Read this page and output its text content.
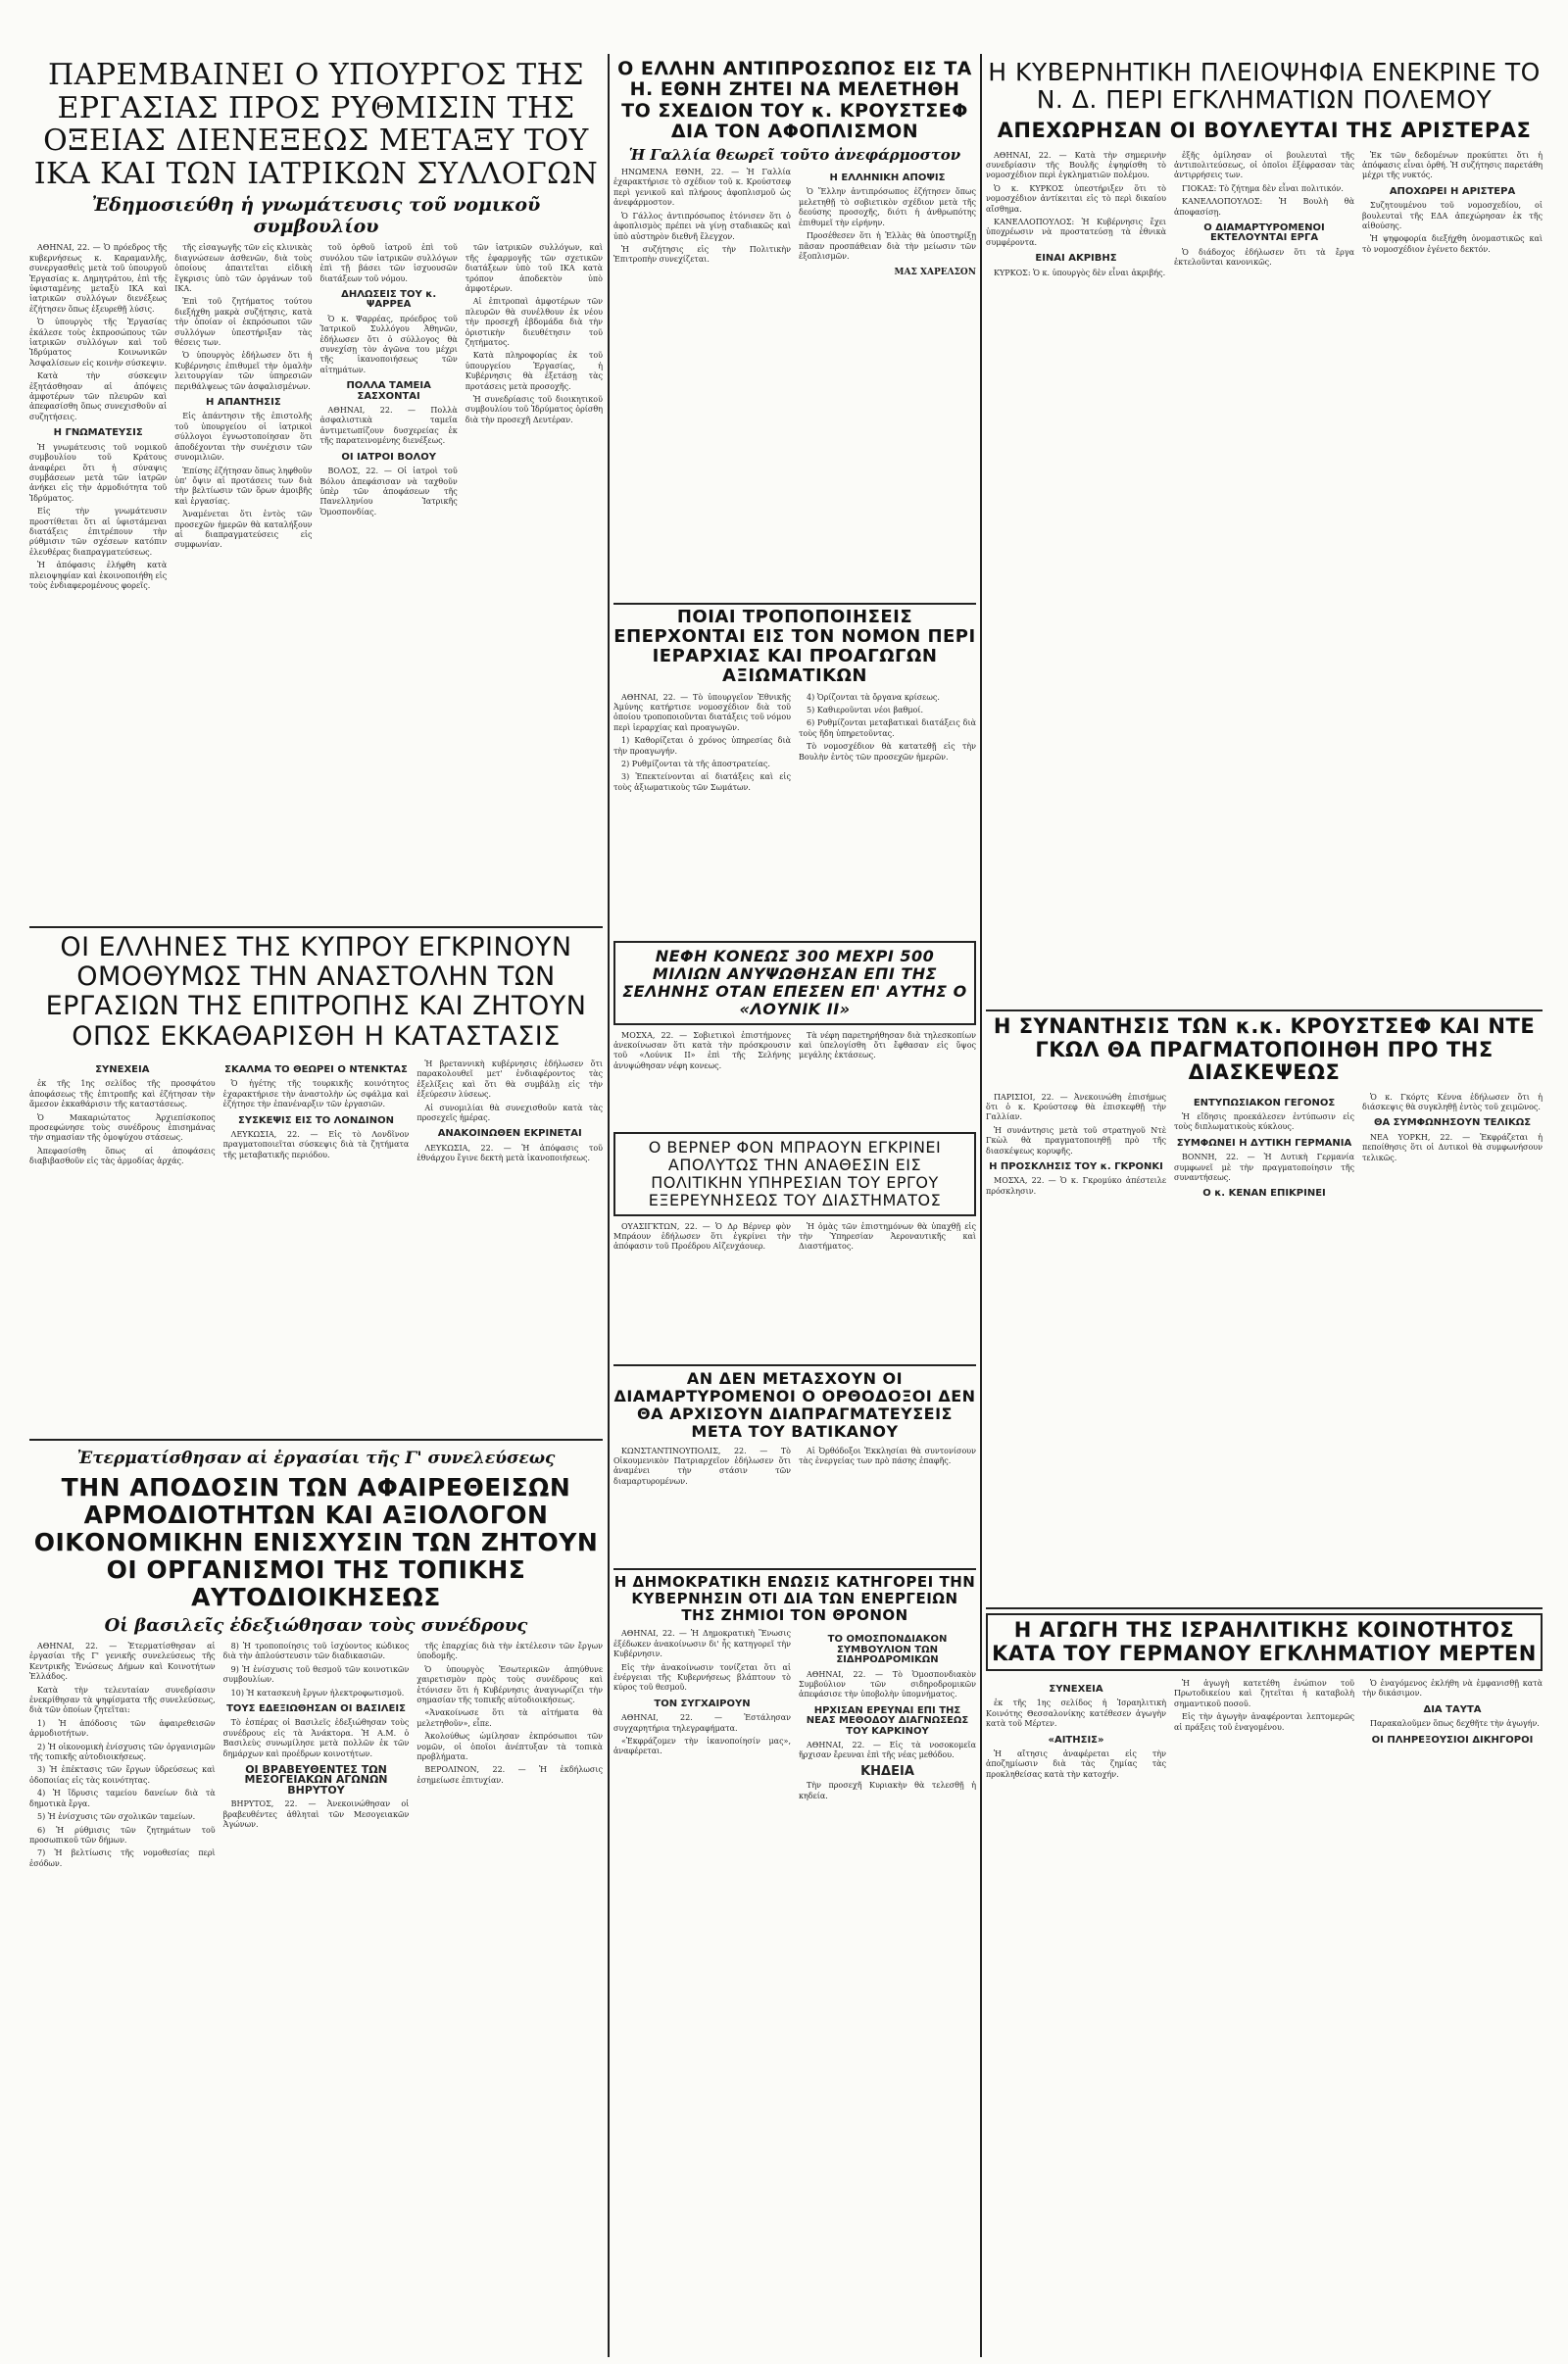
ΠΑΡΕΜΒΑΙΝΕΙ Ο ΥΠΟΥΡΓΟΣ ΤΗΣ ΕΡΓΑΣΙΑΣ ΠΡΟΣ ΡΥΘΜΙΣΙΝ ΤΗΣ ΟΞΕΙΑΣ ΔΙΕΝΕΞΕΩΣ ΜΕΤΑΞΥ ΤΟΥ ΙΚΑ ΚΑΙ ΤΩΝ ΙΑΤΡΙΚΩΝ ΣΥΛΛΟΓΩΝ
Ἐδημοσιεύθη ἡ γνωμάτευσις τοῦ νομικοῦ συμβουλίου

ΑΘΗΝΑΙ, 22. — Ὁ πρόεδρος τῆς κυβερνήσεως κ. Καραμανλῆς, συνεργασθεὶς μετὰ τοῦ ὑπουργοῦ Ἐργασίας κ. Δημητράτου, ἐπὶ τῆς ὑφισταμένης μεταξὺ ΙΚΑ καὶ ἰατρικῶν συλλόγων διενέξεως ἐζήτησεν ὅπως ἐξευρεθῇ λύσις.

Ὁ ὑπουργὸς τῆς Ἐργασίας ἐκάλεσε τοὺς ἐκπροσώπους τῶν ἰατρικῶν συλλόγων καὶ τοῦ Ἱδρύματος Κοινωνικῶν Ἀσφαλίσεων εἰς κοινὴν σύσκεψιν.

Κατὰ τὴν σύσκεψιν ἐξητάσθησαν αἱ ἀπόψεις ἀμφοτέρων τῶν πλευρῶν καὶ ἀπεφασίσθη ὅπως συνεχισθοῦν αἱ συζητήσεις.

Η ΓΝΩΜΑΤΕΥΣΙΣ

Ἡ γνωμάτευσις τοῦ νομικοῦ συμβουλίου τοῦ Κράτους ἀναφέρει ὅτι ἡ σύναψις συμβάσεων μετὰ τῶν ἰατρῶν ἀνήκει εἰς τὴν ἁρμοδιότητα τοῦ Ἱδρύματος.

Εἰς τὴν γνωμάτευσιν προστίθεται ὅτι αἱ ὑφιστάμεναι διατάξεις ἐπιτρέπουν τὴν ρύθμισιν τῶν σχέσεων κατόπιν ἐλευθέρας διαπραγματεύσεως.

Ἡ ἀπόφασις ἐλήφθη κατὰ πλειοψηφίαν καὶ ἐκοινοποιήθη εἰς τοὺς ἐνδιαφερομένους φορεῖς.

τῆς εἰσαγωγῆς τῶν εἰς κλινικὰς διαγνώσεων ἀσθενῶν, διὰ τοὺς ὁποίους ἀπαιτεῖται εἰδικὴ ἔγκρισις ὑπὸ τῶν ὀργάνων τοῦ ΙΚΑ.

Ἐπὶ τοῦ ζητήματος τούτου διεξήχθη μακρὰ συζήτησις, κατὰ τὴν ὁποίαν οἱ ἐκπρόσωποι τῶν συλλόγων ὑπεστήριξαν τὰς θέσεις των.

Ὁ ὑπουργὸς ἐδήλωσεν ὅτι ἡ Κυβέρνησις ἐπιθυμεῖ τὴν ὁμαλὴν λειτουργίαν τῶν ὑπηρεσιῶν περιθάλψεως τῶν ἀσφαλισμένων.

Η ΑΠΑΝΤΗΣΙΣ

Εἰς ἀπάντησιν τῆς ἐπιστολῆς τοῦ ὑπουργείου οἱ ἰατρικοὶ σύλλογοι ἐγνωστοποίησαν ὅτι ἀποδέχονται τὴν συνέχισιν τῶν συνομιλιῶν.

Ἐπίσης ἐζήτησαν ὅπως ληφθοῦν ὑπ' ὄψιν αἱ προτάσεις των διὰ τὴν βελτίωσιν τῶν ὅρων ἀμοιβῆς καὶ ἐργασίας.

Ἀναμένεται ὅτι ἐντὸς τῶν προσεχῶν ἡμερῶν θὰ καταλήξουν αἱ διαπραγματεύσεις εἰς συμφωνίαν.

τοῦ ὀρθοῦ ἰατροῦ ἐπὶ τοῦ συνόλου τῶν ἰατρικῶν συλλόγων ἐπὶ τῇ βάσει τῶν ἰσχυουσῶν διατάξεων τοῦ νόμου.

ΔΗΛΩΣΕΙΣ ΤΟΥ κ. ΨΑΡΡΕΑ

Ὁ κ. Ψαρρέας, πρόεδρος τοῦ Ἰατρικοῦ Συλλόγου Ἀθηνῶν, ἐδήλωσεν ὅτι ὁ σύλλογος θὰ συνεχίσῃ τὸν ἀγῶνα του μέχρι τῆς ἱκανοποιήσεως τῶν αἰτημάτων.

ΠΟΛΛΑ ΤΑΜΕΙΑ ΣΑΣΧΟΝΤΑΙ

ΑΘΗΝΑΙ, 22. — Πολλὰ ἀσφαλιστικὰ ταμεῖα ἀντιμετωπίζουν δυσχερείας ἐκ τῆς παρατεινομένης διενέξεως.

ΟΙ ΙΑΤΡΟΙ ΒΟΛΟΥ

ΒΟΛΟΣ, 22. — Οἱ ἰατροὶ τοῦ Βόλου ἀπεφάσισαν νὰ ταχθοῦν ὑπὲρ τῶν ἀποφάσεων τῆς Πανελληνίου Ἰατρικῆς Ὁμοσπονδίας.

τῶν ἰατρικῶν συλλόγων, καὶ τῆς ἐφαρμογῆς τῶν σχετικῶν διατάξεων ὑπὸ τοῦ ΙΚΑ κατὰ τρόπον ἀποδεκτὸν ὑπὸ ἀμφοτέρων.

Αἱ ἐπιτροπαὶ ἀμφοτέρων τῶν πλευρῶν θὰ συνέλθουν ἐκ νέου τὴν προσεχῆ ἑβδομάδα διὰ τὴν ὁριστικὴν διευθέτησιν τοῦ ζητήματος.

Κατὰ πληροφορίας ἐκ τοῦ ὑπουργείου Ἐργασίας, ἡ Κυβέρνησις θὰ ἐξετάσῃ τὰς προτάσεις μετὰ προσοχῆς.

Ἡ συνεδρίασις τοῦ διοικητικοῦ συμβουλίου τοῦ Ἱδρύματος ὁρίσθη διὰ τὴν προσεχῆ Δευτέραν.

ΟΙ ΕΛΛΗΝΕΣ ΤΗΣ ΚΥΠΡΟΥ ΕΓΚΡΙΝΟΥΝ ΟΜΟΘΥΜΩΣ ΤΗΝ ΑΝΑΣΤΟΛΗΝ ΤΩΝ ΕΡΓΑΣΙΩΝ ΤΗΣ ΕΠΙΤΡΟΠΗΣ ΚΑΙ ΖΗΤΟΥΝ ΟΠΩΣ ΕΚΚΑΘΑΡΙΣΘΗ Η ΚΑΤΑΣΤΑΣΙΣ
ΣΥΝΕΧΕΙΑ

ἐκ τῆς 1ης σελίδος τῆς προσφάτου ἀποφάσεως τῆς ἐπιτροπῆς καὶ ἐζήτησαν τὴν ἄμεσον ἐκκαθάρισιν τῆς καταστάσεως.

Ὁ Μακαριώτατος Ἀρχιεπίσκοπος προσεφώνησε τοὺς συνέδρους ἐπισημάνας τὴν σημασίαν τῆς ὁμοψύχου στάσεως.

Ἀπεφασίσθη ὅπως αἱ ἀποφάσεις διαβιβασθοῦν εἰς τὰς ἁρμοδίας ἀρχάς.

ΣΚΑΛΜΑ ΤΟ ΘΕΩΡΕΙ Ο ΝΤΕΝΚΤΑΣ

Ὁ ἡγέτης τῆς τουρκικῆς κοινότητος ἐχαρακτήρισε τὴν ἀναστολὴν ὡς σφάλμα καὶ ἐζήτησε τὴν ἐπανέναρξιν τῶν ἐργασιῶν.

ΣΥΣΚΕΨΙΣ ΕΙΣ ΤΟ ΛΟΝΔΙΝΟΝ

ΛΕΥΚΩΣΙΑ, 22. — Εἰς τὸ Λονδῖνον πραγματοποιεῖται σύσκεψις διὰ τὰ ζητήματα τῆς μεταβατικῆς περιόδου.

Ἡ βρεταννικὴ κυβέρνησις ἐδήλωσεν ὅτι παρακολουθεῖ μετ' ἐνδιαφέροντος τὰς ἐξελίξεις καὶ ὅτι θὰ συμβάλῃ εἰς τὴν ἐξεύρεσιν λύσεως.

Αἱ συνομιλίαι θὰ συνεχισθοῦν κατὰ τὰς προσεχεῖς ἡμέρας.

ΑΝΑΚΟΙΝΩΘΕΝ ΕΚΡΙΝΕΤΑΙ

ΛΕΥΚΩΣΙΑ, 22. — Ἡ ἀπόφασις τοῦ ἐθνάρχου ἔγινε δεκτὴ μετὰ ἱκανοποιήσεως.

Ἐτερματίσθησαν αἱ ἐργασίαι τῆς Γ' συνελεύσεως
ΤΗΝ ΑΠΟΔΟΣΙΝ ΤΩΝ ΑΦΑΙΡΕΘΕΙΣΩΝ ΑΡΜΟΔΙΟΤΗΤΩΝ ΚΑΙ ΑΞΙΟΛΟΓΟΝ ΟΙΚΟΝΟΜΙΚΗΝ ΕΝΙΣΧΥΣΙΝ ΤΩΝ ΖΗΤΟΥΝ ΟΙ ΟΡΓΑΝΙΣΜΟΙ ΤΗΣ ΤΟΠΙΚΗΣ ΑΥΤΟΔΙΟΙΚΗΣΕΩΣ
Οἱ βασιλεῖς ἐδεξιώθησαν τοὺς συνέδρους

ΑΘΗΝΑΙ, 22. — Ἐτερματίσθησαν αἱ ἐργασίαι τῆς Γ' γενικῆς συνελεύσεως τῆς Κεντρικῆς Ἑνώσεως Δήμων καὶ Κοινοτήτων Ἑλλάδος.

Κατὰ τὴν τελευταίαν συνεδρίασιν ἐνεκρίθησαν τὰ ψηφίσματα τῆς συνελεύσεως, διὰ τῶν ὁποίων ζητεῖται:

1) Ἡ ἀπόδοσις τῶν ἀφαιρεθεισῶν ἁρμοδιοτήτων.

2) Ἡ οἰκονομικὴ ἐνίσχυσις τῶν ὀργανισμῶν τῆς τοπικῆς αὐτοδιοικήσεως.

3) Ἡ ἐπέκτασις τῶν ἔργων ὑδρεύσεως καὶ ὁδοποιίας εἰς τὰς κοινότητας.

4) Ἡ ἵδρυσις ταμείου δανείων διὰ τὰ δημοτικὰ ἔργα.

5) Ἡ ἐνίσχυσις τῶν σχολικῶν ταμείων.

6) Ἡ ρύθμισις τῶν ζητημάτων τοῦ προσωπικοῦ τῶν δήμων.

7) Ἡ βελτίωσις τῆς νομοθεσίας περὶ ἐσόδων.

8) Ἡ τροποποίησις τοῦ ἰσχύοντος κώδικος διὰ τὴν ἀπλούστευσιν τῶν διαδικασιῶν.

9) Ἡ ἐνίσχυσις τοῦ θεσμοῦ τῶν κοινοτικῶν συμβουλίων.

10) Ἡ κατασκευὴ ἔργων ἠλεκτροφωτισμοῦ.

ΤΟΥΣ ΕΔΕΞΙΩΘΗΣΑΝ ΟΙ ΒΑΣΙΛΕΙΣ

Τὸ ἑσπέρας οἱ Βασιλεῖς ἐδεξιώθησαν τοὺς συνέδρους εἰς τὰ Ἀνάκτορα. Ἡ Α.Μ. ὁ Βασιλεὺς συνωμίλησε μετὰ πολλῶν ἐκ τῶν δημάρχων καὶ προέδρων κοινοτήτων.

ΟΙ ΒΡΑΒΕΥΘΕΝΤΕΣ ΤΩΝ ΜΕΣΟΓΕΙΑΚΩΝ ΑΓΩΝΩΝ ΒΗΡΥΤΟΥ

ΒΗΡΥΤΟΣ, 22. — Ἀνεκοινώθησαν οἱ βραβευθέντες ἀθληταὶ τῶν Μεσογειακῶν Ἀγώνων.

τῆς ἐπαρχίας διὰ τὴν ἐκτέλεσιν τῶν ἔργων ὑποδομῆς.

Ὁ ὑπουργὸς Ἐσωτερικῶν ἀπηύθυνε χαιρετισμὸν πρὸς τοὺς συνέδρους καὶ ἐτόνισεν ὅτι ἡ Κυβέρνησις ἀναγνωρίζει τὴν σημασίαν τῆς τοπικῆς αὐτοδιοικήσεως.

«Ἀνακοίνωσε ὅτι τὰ αἰτήματα θὰ μελετηθοῦν», εἶπε.

Ἀκολούθως ὡμίλησαν ἐκπρόσωποι τῶν νομῶν, οἱ ὁποῖοι ἀνέπτυξαν τὰ τοπικὰ προβλήματα.

ΒΕΡΟΛΙΝΟΝ, 22. — Ἡ ἐκδήλωσις ἐσημείωσε ἐπιτυχίαν.

Ο ΕΛΛΗΝ ΑΝΤΙΠΡΟΣΩΠΟΣ ΕΙΣ ΤΑ Η. ΕΘΝΗ ΖΗΤΕΙ ΝΑ ΜΕΛΕΤΗΘΗ ΤΟ ΣΧΕΔΙΟΝ ΤΟΥ κ. ΚΡΟΥΣΤΣΕΦ ΔΙΑ ΤΟΝ ΑΦΟΠΛΙΣΜΟΝ
Ἡ Γαλλία θεωρεῖ τοῦτο ἀνεφάρμοστον

ΗΝΩΜΕΝΑ ΕΘΝΗ, 22. — Ἡ Γαλλία ἐχαρακτήρισε τὸ σχέδιον τοῦ κ. Κρούστσεφ περὶ γενικοῦ καὶ πλήρους ἀφοπλισμοῦ ὡς ἀνεφάρμοστον.

Ὁ Γάλλος ἀντιπρόσωπος ἐτόνισεν ὅτι ὁ ἀφοπλισμὸς πρέπει νὰ γίνῃ σταδιακῶς καὶ ὑπὸ αὐστηρὸν διεθνῆ ἔλεγχον.

Ἡ συζήτησις εἰς τὴν Πολιτικὴν Ἐπιτροπὴν συνεχίζεται.

Η ΕΛΛΗΝΙΚΗ ΑΠΟΨΙΣ

Ὁ Ἕλλην ἀντιπρόσωπος ἐζήτησεν ὅπως μελετηθῇ τὸ σοβιετικὸν σχέδιον μετὰ τῆς δεούσης προσοχῆς, διότι ἡ ἀνθρωπότης ἐπιθυμεῖ τὴν εἰρήνην.

Προσέθεσεν ὅτι ἡ Ἑλλὰς θὰ ὑποστηρίξῃ πᾶσαν προσπάθειαν διὰ τὴν μείωσιν τῶν ἐξοπλισμῶν.

ΜΑΣ ΧΑΡΕΛΣΟΝ
ΠΟΙΑΙ ΤΡΟΠΟΠΟΙΗΣΕΙΣ ΕΠΕΡΧΟΝΤΑΙ ΕΙΣ ΤΟΝ ΝΟΜΟΝ ΠΕΡΙ ΙΕΡΑΡΧΙΑΣ ΚΑΙ ΠΡΟΑΓΩΓΩΝ ΑΞΙΩΜΑΤΙΚΩΝ

ΑΘΗΝΑΙ, 22. — Τὸ ὑπουργεῖον Ἐθνικῆς Ἀμύνης κατήρτισε νομοσχέδιον διὰ τοῦ ὁποίου τροποποιοῦνται διατάξεις τοῦ νόμου περὶ ἱεραρχίας καὶ προαγωγῶν.

1) Καθορίζεται ὁ χρόνος ὑπηρεσίας διὰ τὴν προαγωγήν.

2) Ρυθμίζονται τὰ τῆς ἀποστρατείας.

3) Ἐπεκτείνονται αἱ διατάξεις καὶ εἰς τοὺς ἀξιωματικοὺς τῶν Σωμάτων.

4) Ὁρίζονται τὰ ὄργανα κρίσεως.

5) Καθιεροῦνται νέοι βαθμοί.

6) Ρυθμίζονται μεταβατικαὶ διατάξεις διὰ τοὺς ἤδη ὑπηρετοῦντας.

Τὸ νομοσχέδιον θὰ κατατεθῇ εἰς τὴν Βουλὴν ἐντὸς τῶν προσεχῶν ἡμερῶν.

ΝΕΦΗ ΚΟΝΕΩΣ 300 ΜΕΧΡΙ 500 ΜΙΛΙΩΝ ΑΝΥΨΩΘΗΣΑΝ ΕΠΙ ΤΗΣ ΣΕΛΗΝΗΣ ΟΤΑΝ ΕΠΕΣΕΝ ΕΠ' ΑΥΤΗΣ Ο «ΛΟΥΝΙΚ ΙΙ»

ΜΟΣΧΑ, 22. — Σοβιετικοὶ ἐπιστήμονες ἀνεκοίνωσαν ὅτι κατὰ τὴν πρόσκρουσιν τοῦ «Λούνικ ΙΙ» ἐπὶ τῆς Σελήνης ἀνυψώθησαν νέφη κονεως.

Τὰ νέφη παρετηρήθησαν διὰ τηλεσκοπίων καὶ ὑπελογίσθη ὅτι ἔφθασαν εἰς ὕψος μεγάλης ἐκτάσεως.

Ο ΒΕΡΝΕΡ ΦΟΝ ΜΠΡΑΟΥΝ ΕΓΚΡΙΝΕΙ ΑΠΟΛΥΤΩΣ ΤΗΝ ΑΝΑΘΕΣΙΝ ΕΙΣ ΠΟΛΙΤΙΚΗΝ ΥΠΗΡΕΣΙΑΝ ΤΟΥ ΕΡΓΟΥ ΕΞΕΡΕΥΝΗΣΕΩΣ ΤΟΥ ΔΙΑΣΤΗΜΑΤΟΣ

ΟΥΑΣΙΓΚΤΩΝ, 22. — Ὁ Δρ Βέρνερ φὸν Μπράουν ἐδήλωσεν ὅτι ἐγκρίνει τὴν ἀπόφασιν τοῦ Προέδρου Αἰζενχάουερ.

Ἡ ὁμὰς τῶν ἐπιστημόνων θὰ ὑπαχθῇ εἰς τὴν Ὑπηρεσίαν Ἀεροναυτικῆς καὶ Διαστήματος.

ΑΝ ΔΕΝ ΜΕΤΑΣΧΟΥΝ ΟΙ ΔΙΑΜΑΡΤΥΡΟΜΕΝΟΙ Ο ΟΡΘΟΔΟΞΟΙ ΔΕΝ ΘΑ ΑΡΧΙΣΟΥΝ ΔΙΑΠΡΑΓΜΑΤΕΥΣΕΙΣ ΜΕΤΑ ΤΟΥ ΒΑΤΙΚΑΝΟΥ

ΚΩΝΣΤΑΝΤΙΝΟΥΠΟΛΙΣ, 22. — Τὸ Οἰκουμενικὸν Πατριαρχεῖον ἐδήλωσεν ὅτι ἀναμένει τὴν στάσιν τῶν διαμαρτυρομένων.

Αἱ Ὀρθόδοξοι Ἐκκλησίαι θὰ συντονίσουν τὰς ἐνεργείας των πρὸ πάσης ἐπαφῆς.

Η ΔΗΜΟΚΡΑΤΙΚΗ ΕΝΩΣΙΣ ΚΑΤΗΓΟΡΕΙ ΤΗΝ ΚΥΒΕΡΝΗΣΙΝ ΟΤΙ ΔΙΑ ΤΩΝ ΕΝΕΡΓΕΙΩΝ ΤΗΣ ΖΗΜΙΟΙ ΤΟΝ ΘΡΟΝΟΝ

ΑΘΗΝΑΙ, 22. — Ἡ Δημοκρατικὴ Ἕνωσις ἐξέδωκεν ἀνακοίνωσιν δι' ἧς κατηγορεῖ τὴν Κυβέρνησιν.

Εἰς τὴν ἀνακοίνωσιν τονίζεται ὅτι αἱ ἐνέργειαι τῆς Κυβερνήσεως βλάπτουν τὸ κύρος τοῦ θεσμοῦ.

ΤΟΝ ΣΥΓΧΑΙΡΟΥΝ

ΑΘΗΝΑΙ, 22. — Ἐστάλησαν συγχαρητήρια τηλεγραφήματα.

«Ἐκφράζομεν τὴν ἱκανοποίησίν μας», ἀναφέρεται.

ΤΟ ΟΜΟΣΠΟΝΔΙΑΚΟΝ ΣΥΜΒΟΥΛΙΟΝ ΤΩΝ ΣΙΔΗΡΟΔΡΟΜΙΚΩΝ

ΑΘΗΝΑΙ, 22. — Τὸ Ὁμοσπονδιακὸν Συμβούλιον τῶν σιδηροδρομικῶν ἀπεφάσισε τὴν ὑποβολὴν ὑπομνήματος.

ΗΡΧΙΣΑΝ ΕΡΕΥΝΑΙ ΕΠΙ ΤΗΣ ΝΕΑΣ ΜΕΘΟΔΟΥ ΔΙΑΓΝΩΣΕΩΣ ΤΟΥ ΚΑΡΚΙΝΟΥ

ΑΘΗΝΑΙ, 22. — Εἰς τὰ νοσοκομεῖα ἤρχισαν ἔρευναι ἐπὶ τῆς νέας μεθόδου.

ΚΗΔΕΙΑ

Τὴν προσεχῆ Κυριακὴν θὰ τελεσθῇ ἡ κηδεία.

Η ΚΥΒΕΡΝΗΤΙΚΗ ΠΛΕΙΟΨΗΦΙΑ ΕΝΕΚΡΙΝΕ ΤΟ Ν. Δ. ΠΕΡΙ ΕΓΚΛΗΜΑΤΙΩΝ ΠΟΛΕΜΟΥ
ΑΠΕΧΩΡΗΣΑΝ ΟΙ ΒΟΥΛΕΥΤΑΙ ΤΗΣ ΑΡΙΣΤΕΡΑΣ

ΑΘΗΝΑΙ, 22. — Κατὰ τὴν σημερινὴν συνεδρίασιν τῆς Βουλῆς ἐψηφίσθη τὸ νομοσχέδιον περὶ ἐγκληματιῶν πολέμου.

Ὁ κ. ΚΥΡΚΟΣ ὑπεστήριξεν ὅτι τὸ νομοσχέδιον ἀντίκειται εἰς τὸ περὶ δικαίου αἴσθημα.

ΚΑΝΕΛΛΟΠΟΥΛΟΣ: Ἡ Κυβέρνησις ἔχει ὑποχρέωσιν νὰ προστατεύσῃ τὰ ἐθνικὰ συμφέροντα.

ΕΙΝΑΙ ΑΚΡΙΒΗΣ

ΚΥΡΚΟΣ: Ὁ κ. ὑπουργὸς δὲν εἶναι ἀκριβής.

ἐξῆς ὁμίλησαν οἱ βουλευταὶ τῆς ἀντιπολιτεύσεως, οἱ ὁποῖοι ἐξέφρασαν τὰς ἀντιρρήσεις των.

ΓΙΟΚΑΣ: Τὸ ζήτημα δὲν εἶναι πολιτικόν.

ΚΑΝΕΛΛΟΠΟΥΛΟΣ: Ἡ Βουλὴ θὰ ἀποφασίσῃ.

Ο ΔΙΑΜΑΡΤΥΡΟΜΕΝΟΙ ΕΚΤΕΛΟΥΝΤΑΙ ΕΡΓΑ

Ὁ διάδοχος ἐδήλωσεν ὅτι τὰ ἔργα ἐκτελοῦνται κανονικῶς.

Ἐκ τῶν δεδομένων προκύπτει ὅτι ἡ ἀπόφασις εἶναι ὀρθή. Ἡ συζήτησις παρετάθη μέχρι τῆς νυκτός.

ΑΠΟΧΩΡΕΙ Η ΑΡΙΣΤΕΡΑ

Συζητουμένου τοῦ νομοσχεδίου, οἱ βουλευταὶ τῆς ΕΔΑ ἀπεχώρησαν ἐκ τῆς αἰθούσης.

Ἡ ψηφοφορία διεξήχθη ὀνομαστικῶς καὶ τὸ νομοσχέδιον ἐγένετο δεκτόν.

Η ΣΥΝΑΝΤΗΣΙΣ ΤΩΝ κ.κ. ΚΡΟΥΣΤΣΕΦ ΚΑΙ ΝΤΕ ΓΚΩΛ ΘΑ ΠΡΑΓΜΑΤΟΠΟΙΗΘΗ ΠΡΟ ΤΗΣ ΔΙΑΣΚΕΨΕΩΣ

ΠΑΡΙΣΙΟΙ, 22. — Ἀνεκοινώθη ἐπισήμως ὅτι ὁ κ. Κρούστσεφ θὰ ἐπισκεφθῇ τὴν Γαλλίαν.

Ἡ συνάντησις μετὰ τοῦ στρατηγοῦ Ντὲ Γκὼλ θὰ πραγματοποιηθῇ πρὸ τῆς διασκέψεως κορυφῆς.

Η ΠΡΟΣΚΛΗΣΙΣ ΤΟΥ κ. ΓΚΡΟΝΚΙ

ΜΟΣΧΑ, 22. — Ὁ κ. Γκρομύκο ἀπέστειλε πρόσκλησιν.

ΕΝΤΥΠΩΣΙΑΚΟΝ ΓΕΓΟΝΟΣ

Ἡ εἴδησις προεκάλεσεν ἐντύπωσιν εἰς τοὺς διπλωματικοὺς κύκλους.

ΣΥΜΦΩΝΕΙ Η ΔΥΤΙΚΗ ΓΕΡΜΑΝΙΑ

ΒΟΝΝΗ, 22. — Ἡ Δυτικὴ Γερμανία συμφωνεῖ μὲ τὴν πραγματοποίησιν τῆς συναντήσεως.

Ο κ. ΚΕΝΑΝ ΕΠΙΚΡΙΝΕΙ

Ὁ κ. Γκόρτς Κέννα ἐδήλωσεν ὅτι ἡ διάσκεψις θὰ συγκληθῇ ἐντὸς τοῦ χειμῶνος.

ΘΑ ΣΥΜΦΩΝΗΣΟΥΝ ΤΕΛΙΚΩΣ

ΝΕΑ ΥΟΡΚΗ, 22. — Ἐκφράζεται ἡ πεποίθησις ὅτι οἱ Δυτικοὶ θὰ συμφωνήσουν τελικῶς.

Η ΑΓΩΓΗ ΤΗΣ ΙΣΡΑΗΛΙΤΙΚΗΣ ΚΟΙΝΟΤΗΤΟΣ ΚΑΤΑ ΤΟΥ ΓΕΡΜΑΝΟΥ ΕΓΚΛΗΜΑΤΙΟΥ ΜΕΡΤΕΝ
ΣΥΝΕΧΕΙΑ

ἐκ τῆς 1ης σελίδος ἡ Ἰσραηλιτικὴ Κοινότης Θεσσαλονίκης κατέθεσεν ἀγωγὴν κατὰ τοῦ Μέρτεν.

«ΑΙΤΗΣΙΣ»

Ἡ αἴτησις ἀναφέρεται εἰς τὴν ἀποζημίωσιν διὰ τὰς ζημίας τὰς προκληθείσας κατὰ τὴν κατοχήν.

Ἡ ἀγωγὴ κατετέθη ἐνώπιον τοῦ Πρωτοδικείου καὶ ζητεῖται ἡ καταβολὴ σημαντικοῦ ποσοῦ.

Εἰς τὴν ἀγωγὴν ἀναφέρονται λεπτομερῶς αἱ πράξεις τοῦ ἐναγομένου.

Ὁ ἐναγόμενος ἐκλήθη νὰ ἐμφανισθῇ κατὰ τὴν δικάσιμον.

ΔΙΑ ΤΑΥΤΑ

Παρακαλοῦμεν ὅπως δεχθῆτε τὴν ἀγωγήν.

ΟΙ ΠΛΗΡΕΞΟΥΣΙΟΙ ΔΙΚΗΓΟΡΟΙ
